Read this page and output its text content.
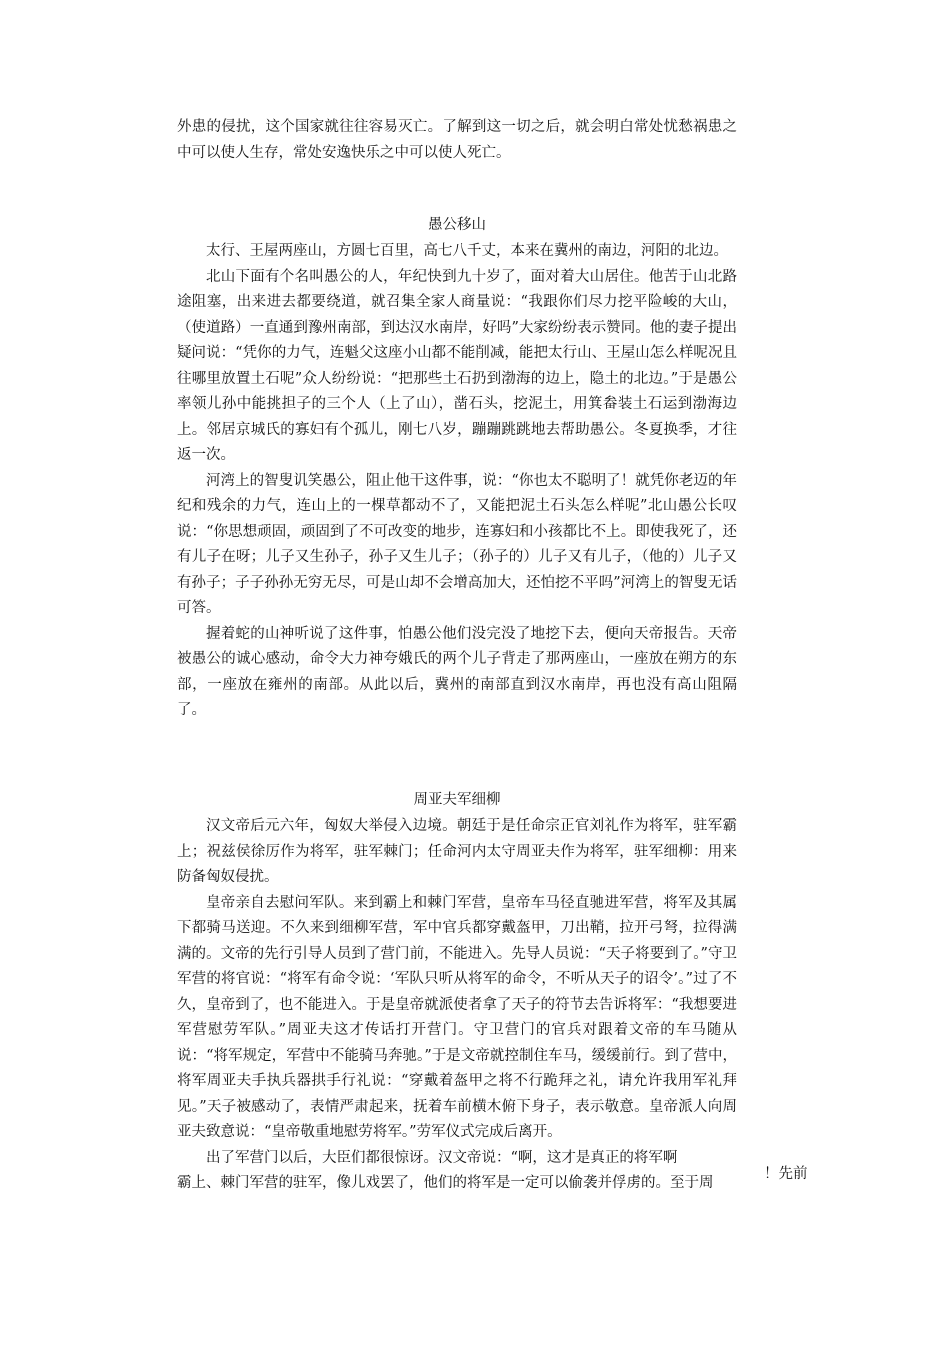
外患的侵扰，这个国家就往往容易灭亡。了解到这一切之后，就会明白常处忧愁祸患之中可以使人生存，常处安逸快乐之中可以使人死亡。

愚公移山

太行、王屋两座山，方圆七百里，高七八千丈，本来在冀州的南边，河阳的北边。

北山下面有个名叫愚公的人，年纪快到九十岁了，面对着大山居住。他苦于山北路途阻塞，出来进去都要绕道，就召集全家人商量说：“我跟你们尽力挖平险峻的大山，（使道路）一直通到豫州南部，到达汉水南岸，好吗”大家纷纷表示赞同。他的妻子提出疑问说：“凭你的力气，连魁父这座小山都不能削减，能把太行山、王屋山怎么样呢况且往哪里放置土石呢”众人纷纷说：“把那些土石扔到渤海的边上，隐土的北边。”于是愚公率领儿孙中能挑担子的三个人（上了山），凿石头，挖泥土，用箕畚装土石运到渤海边上。邻居京城氏的寡妇有个孤儿，刚七八岁，蹦蹦跳跳地去帮助愚公。冬夏换季，才往返一次。

河湾上的智叟讥笑愚公，阻止他干这件事，说：“你也太不聪明了！就凭你老迈的年纪和残余的力气，连山上的一棵草都动不了，又能把泥土石头怎么样呢”北山愚公长叹说：“你思想顽固，顽固到了不可改变的地步，连寡妇和小孩都比不上。即使我死了，还有儿子在呀；儿子又生孙子，孙子又生儿子；（孙子的）儿子又有儿子，（他的）儿子又有孙子；子子孙孙无穷无尽，可是山却不会增高加大，还怕挖不平吗”河湾上的智叟无话可答。

握着蛇的山神听说了这件事，怕愚公他们没完没了地挖下去，便向天帝报告。天帝被愚公的诚心感动，命令大力神夸娥氏的两个儿子背走了那两座山，一座放在朔方的东部，一座放在雍州的南部。从此以后，冀州的南部直到汉水南岸，再也没有高山阻隔了。

周亚夫军细柳

汉文帝后元六年，匈奴大举侵入边境。朝廷于是任命宗正官刘礼作为将军，驻军霸上；祝兹侯徐厉作为将军，驻军棘门；任命河内太守周亚夫作为将军，驻军细柳：用来防备匈奴侵扰。

皇帝亲自去慰问军队。来到霸上和棘门军营，皇帝车马径直驰进军营，将军及其属下都骑马送迎。不久来到细柳军营，军中官兵都穿戴盔甲，刀出鞘，拉开弓弩，拉得满满的。文帝的先行引导人员到了营门前，不能进入。先导人员说：“天子将要到了。”守卫军营的将官说：“将军有命令说：‘军队只听从将军的命令，不听从天子的诏令’。”过了不久，皇帝到了，也不能进入。于是皇帝就派使者拿了天子的符节去告诉将军：“我想要进军营慰劳军队。”周亚夫这才传话打开营门。守卫营门的官兵对跟着文帝的车马随从说：“将军规定，军营中不能骑马奔驰。”于是文帝就控制住车马，缓缓前行。到了营中，将军周亚夫手执兵器拱手行礼说：“穿戴着盔甲之将不行跪拜之礼，请允许我用军礼拜见。”天子被感动了，表情严肃起来，抚着车前横木俯下身子，表示敬意。皇帝派人向周亚夫致意说：“皇帝敬重地慰劳将军。”劳军仪式完成后离开。

出了军营门以后，大臣们都很惊讶。汉文帝说：“啊，这才是真正的将军啊

霸上、棘门军营的驻军，像儿戏罢了，他们的将军是一定可以偷袭并俘虏的。至于周

！先前
